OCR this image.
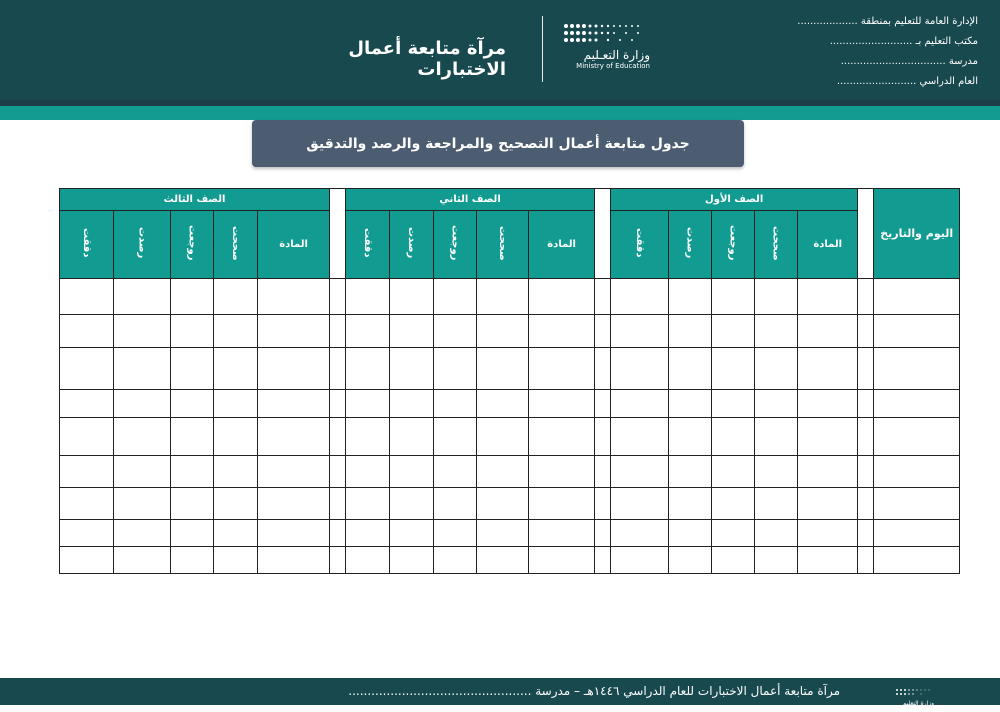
الإدارة العامة للتعليم بمنطقة ...................
مكتب التعليم بـ ..........................
مدرسة .................................
العام الدراسي .........................
وزارة التعـليم
Ministry of Education
مرآة متابعة أعمال الاختبارات
جدول متابعة أعمال التصحيح والمراجعة والرصد والتدقيق
اليوم والتاريخ		الصف الأول						الصف الثاني						الصف الثالث				
		المادة	صححت	روجعت	رصدت	دققت		المادة	صححت	روجعت	رصدت	دققت		المادة	صححت	روجعت	رصدت	دققت

مرآة متابعة أعمال الاختبارات للعام الدراسي ١٤٤٦هـ – مدرسة ................................................
وزارة التعليم
Ministry of Education
